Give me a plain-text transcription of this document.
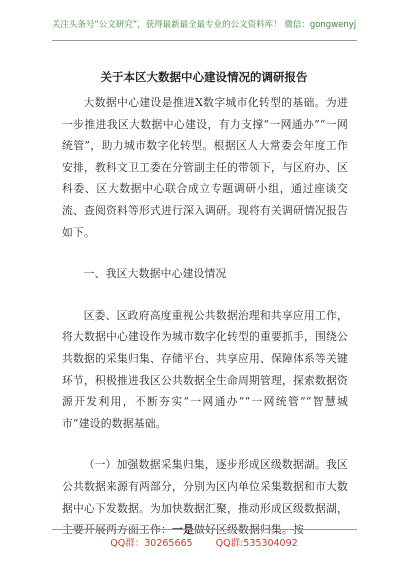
关注头条号“公文研究”，获得最新最全最专业的公文资料库！ 微信：gongwenyj
关于本区大数据中心建设情况的调研报告

大数据中心建设是推进X数字城市化转型的基础。为进一步推进我区大数据中心建设，有力支撑“一网通办”“一网统管”，助力城市数字化转型。根据区人大常委会年度工作安排，教科文卫工委在分管副主任的带领下，与区府办、区科委、区大数据中心联合成立专题调研小组，通过座谈交流、查阅资料等形式进行深入调研。现将有关调研情况报告如下。

一、我区大数据中心建设情况

区委、区政府高度重视公共数据治理和共享应用工作，将大数据中心建设作为城市数字化转型的重要抓手，围绕公共数据的采集归集、存储平台、共享应用、保障体系等关键环节，积极推进我区公共数据全生命周期管理，探索数据资源开发利用，不断夯实“一网通办”“一网统管”“智慧城市”建设的数据基础。

（一）加强数据采集归集，逐步形成区级数据湖。我区公共数据来源有两部分，分别为区内单位采集数据和市大数据中心下发数据。为加快数据汇聚，推动形成区级数据湖，主要开展两方面工作：一是做好区级数据归集。按

QQ群：30265665 QQ群:535304092
